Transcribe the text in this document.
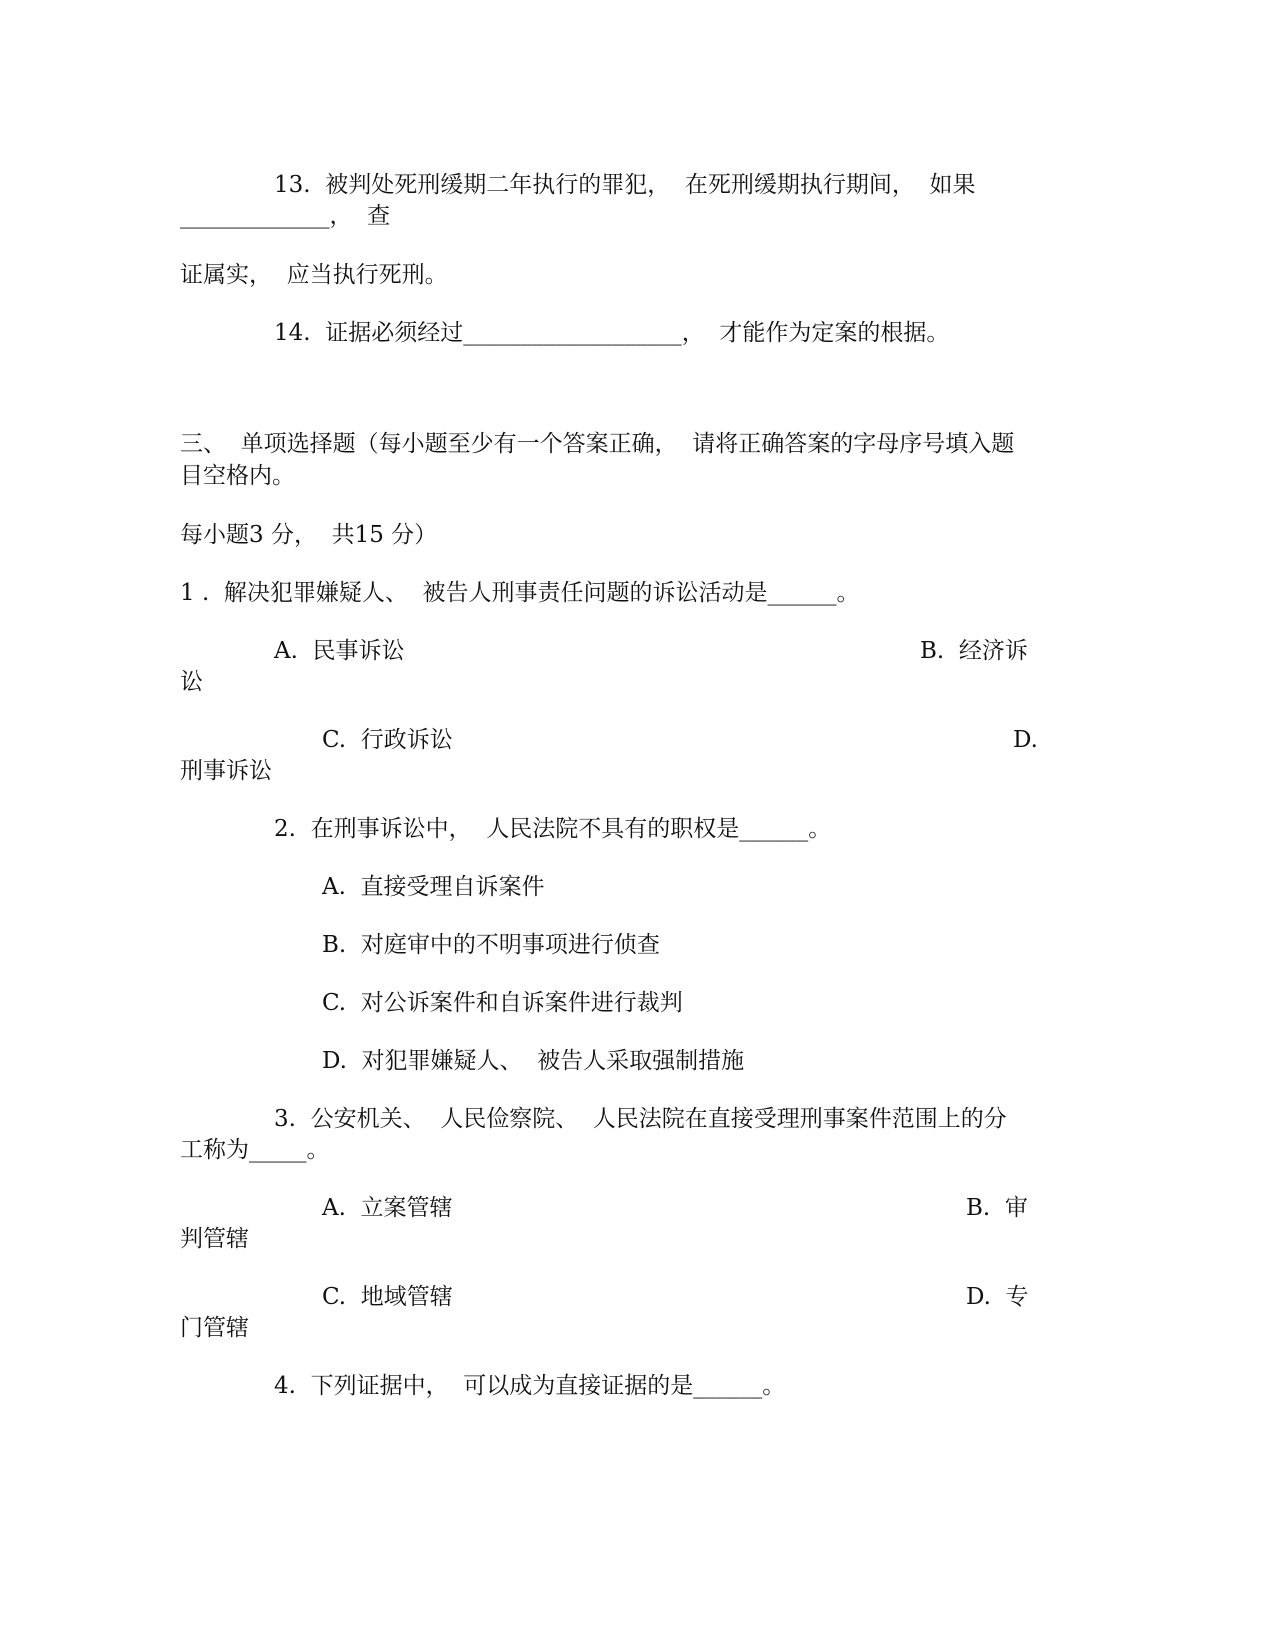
13.  被判处死刑缓期二年执行的罪犯，  在死刑缓期执行期间，  如果
_____________，  查
证属实，  应当执行死刑。
14.  证据必须经过___________________，  才能作为定案的根据。
三、  单项选择题（每小题至少有一个答案正确，  请将正确答案的字母序号填入题
目空格内。
每小题3 分，  共15 分）
1 .  解决犯罪嫌疑人、  被告人刑事责任问题的诉讼活动是______。
A.  民事诉讼	B.  经济诉
讼
C.  行政诉讼	D.
刑事诉讼
2.  在刑事诉讼中，  人民法院不具有的职权是______。
A.  直接受理自诉案件
B.  对庭审中的不明事项进行侦查
C.  对公诉案件和自诉案件进行裁判
D.  对犯罪嫌疑人、  被告人采取强制措施
3.  公安机关、  人民俭察院、  人民法院在直接受理刑事案件范围上的分
工称为_____。
A.  立案管辖	B.  审
判管辖
C.  地域管辖	D.  专
门管辖
4.  下列证据中，  可以成为直接证据的是______。
